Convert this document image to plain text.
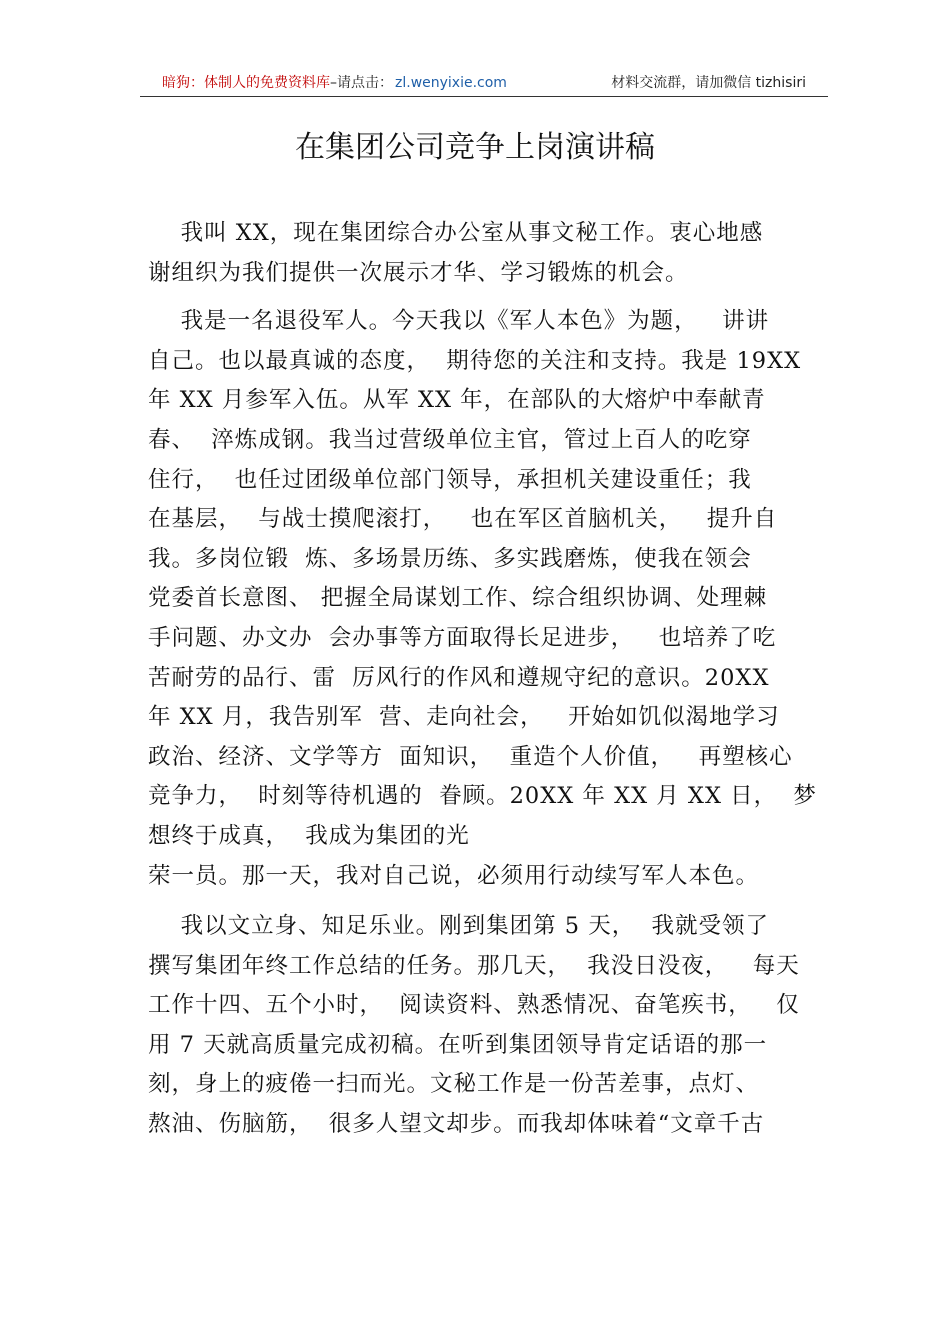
暗狗：体制人的免费资料库–请点击： zl.wenyixie.com	材料交流群，请加微信 tizhisiri
在集团公司竞争上岗演讲稿
我叫 XX，现在集团综合办公室从事文秘工作。衷心地感
谢组织为我们提供一次展示才华、学习锻炼的机会。
我是一名退役军人。今天我以《军人本色》为题，   讲讲
自己。也以最真诚的态度，  期待您的关注和支持。我是 19XX
年 XX 月参军入伍。从军 XX 年，在部队的大熔炉中奉献青
春、  淬炼成钢。我当过营级单位主官，管过上百人的吃穿
住行，  也任过团级单位部门领导，承担机关建设重任；我
在基层，  与战士摸爬滚打，   也在军区首脑机关，   提升自
我。多岗位锻  炼、多场景历练、多实践磨炼，使我在领会
党委首长意图、 把握全局谋划工作、综合组织协调、处理棘
手问题、办文办  会办事等方面取得长足进步，   也培养了吃
苦耐劳的品行、雷  厉风行的作风和遵规守纪的意识。20XX
年 XX 月，我告别军  营、走向社会，   开始如饥似渴地学习
政治、经济、文学等方  面知识，  重造个人价值，   再塑核心
竞争力，  时刻等待机遇的  眷顾。20XX 年 XX 月 XX 日，  梦
想终于成真，  我成为集团的光
荣一员。那一天，我对自己说，必须用行动续写军人本色。
我以文立身、知足乐业。刚到集团第 5 天，  我就受领了
撰写集团年终工作总结的任务。那几天，  我没日没夜，   每天
工作十四、五个小时，  阅读资料、熟悉情况、奋笔疾书，   仅
用 7 天就高质量完成初稿。在听到集团领导肯定话语的那一
刻，身上的疲倦一扫而光。文秘工作是一份苦差事，点灯、
熬油、伤脑筋，  很多人望文却步。而我却体味着“文章千古
